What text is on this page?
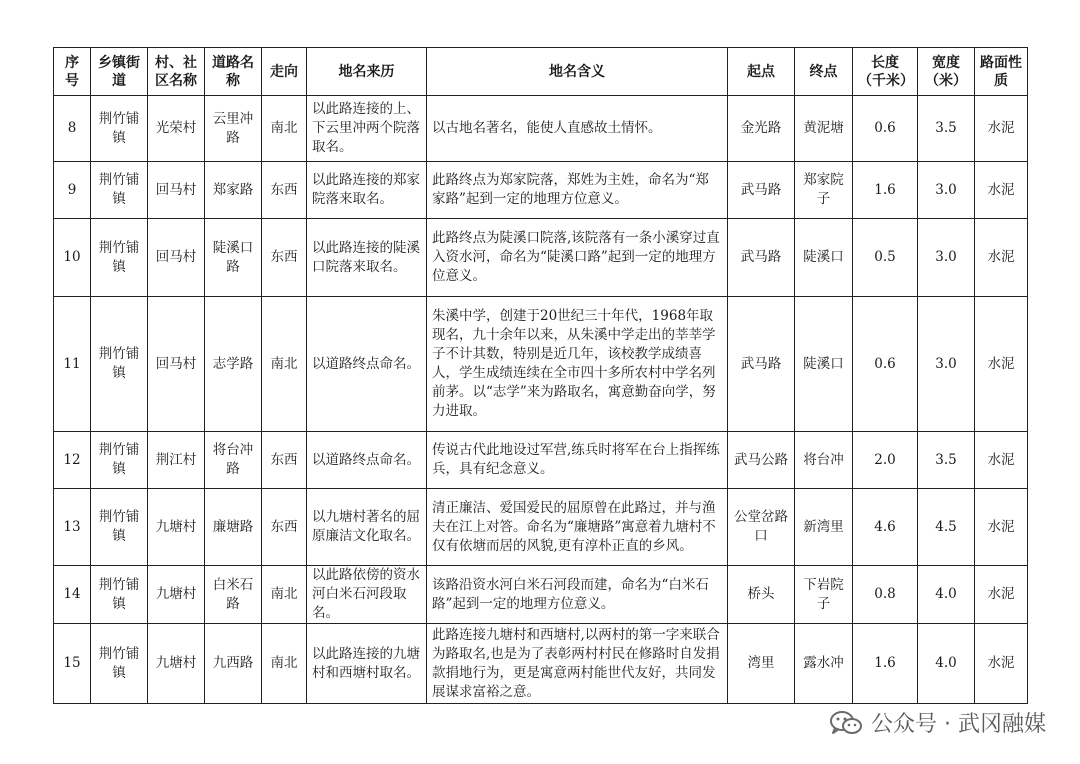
序号	乡镇街道	村、社区名称	道路名称	走向	地名来历	地名含义	起点	终点	长度（千米）	宽度（米）	路面性质
8	荆竹铺镇	光荣村	云里冲路	南北	以此路连接的上、下云里冲两个院落取名。	以古地名著名，能使人直感故土情怀。	金光路	黄泥塘	0.6	3.5	水泥
9	荆竹铺镇	回马村	郑家路	东西	以此路连接的郑家院落来取名。	此路终点为郑家院落，郑姓为主姓，命名为“郑家路”起到一定的地理方位意义。	武马路	郑家院子	1.6	3.0	水泥
10	荆竹铺镇	回马村	陡溪口路	东西	以此路连接的陡溪口院落来取名。	此路终点为陡溪口院落,该院落有一条小溪穿过直入资水河，命名为“陡溪口路”起到一定的地理方位意义。	武马路	陡溪口	0.5	3.0	水泥
11	荆竹铺镇	回马村	志学路	南北	以道路终点命名。	朱溪中学，创建于20世纪三十年代，1968年取现名，九十余年以来，从朱溪中学走出的莘莘学子不计其数，特别是近几年，该校教学成绩喜人，学生成绩连续在全市四十多所农村中学名列前茅。以“志学”来为路取名，寓意勤奋向学，努力进取。	武马路	陡溪口	0.6	3.0	水泥
12	荆竹铺镇	荆江村	将台冲路	东西	以道路终点命名。	传说古代此地设过军营,练兵时将军在台上指挥练兵，具有纪念意义。	武马公路	将台冲	2.0	3.5	水泥
13	荆竹铺镇	九塘村	廉塘路	东西	以九塘村著名的屈原廉洁文化取名。	清正廉洁、爱国爱民的屈原曾在此路过，并与渔夫在江上对答。命名为“廉塘路”寓意着九塘村不仅有依塘而居的风貌,更有淳朴正直的乡风。	公堂岔路口	新湾里	4.6	4.5	水泥
14	荆竹铺镇	九塘村	白米石路	南北	以此路依傍的资水河白米石河段取名。	该路沿资水河白米石河段而建，命名为“白米石路”起到一定的地理方位意义。	桥头	下岩院子	0.8	4.0	水泥
15	荆竹铺镇	九塘村	九西路	南北	以此路连接的九塘村和西塘村取名。	此路连接九塘村和西塘村,以两村的第一字来联合为路取名,也是为了表彰两村村民在修路时自发捐款捐地行为，更是寓意两村能世代友好，共同发展谋求富裕之意。	湾里	露水冲	1.6	4.0	水泥
公众号 · 武冈融媒
